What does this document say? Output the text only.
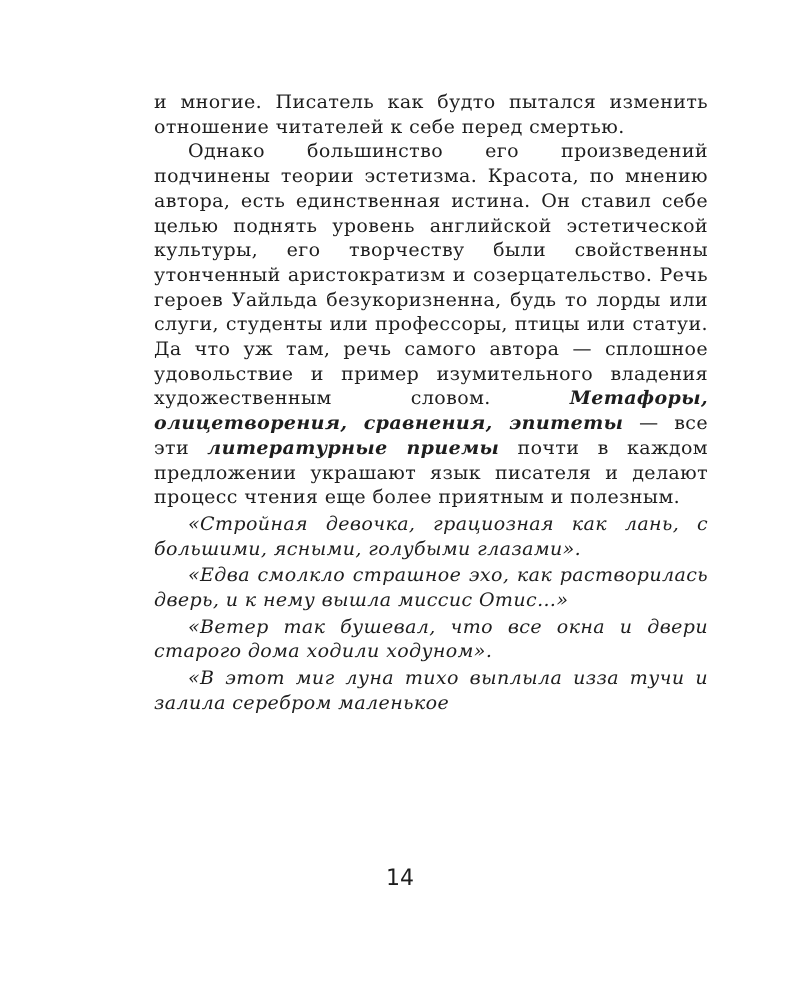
и многие. Писатель как будто пытался изменить отношение читателей к себе перед смертью.

Однако большинство его произведений подчинены теории эстетизма. Красота, по мнению автора, есть единственная истина. Он ставил себе целью поднять уровень английской эстетической культуры, его творчеству были свойственны утонченный аристократизм и созерцательство. Речь героев Уайльда безукоризненна, будь то лорды или слуги, студенты или профессоры, птицы или статуи. Да что уж там, речь самого автора — сплошное удовольствие и пример изумительного владения художественным словом.	Метафоры, олицетворения, сравнения, эпитеты — все эти литературные приемы почти в каждом предложении украшают язык писателя и делают процесс чтения еще более приятным и полезным.

«Стройная девочка, грациозная как лань, с большими, ясными, голубыми глазами».

«Едва смолкло страшное эхо, как растворилась дверь, и к нему вышла миссис Отис…»

«Ветер так бушевал, что все окна и двери старого дома ходили ходуном».

«В этот миг луна тихо выплыла изза тучи и залила серебром маленькое

14
